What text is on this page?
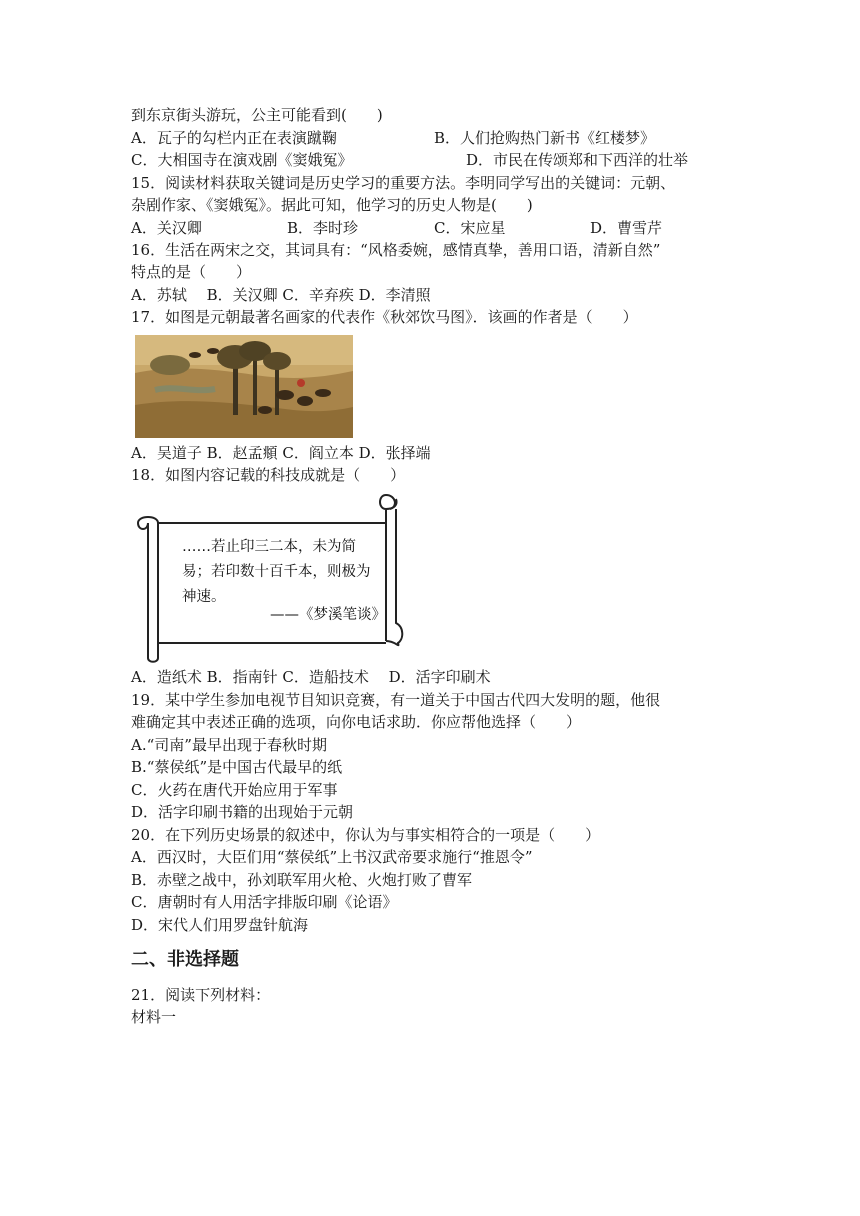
到东京街头游玩，公主可能看到(　　)
A．瓦子的勾栏内正在表演蹴鞠	B．人们抢购热门新书《红楼梦》
C．大相国寺在演戏剧《窦娥冤》	D．市民在传颂郑和下西洋的壮举
15．阅读材料获取关键词是历史学习的重要方法。李明同学写出的关键词：元朝、
杂剧作家、《窦娥冤》。据此可知，他学习的历史人物是(　　)
A．关汉卿	B．李时珍	C．宋应星	D．曹雪芹
16．生活在两宋之交，其词具有：“风格委婉，感情真挚，善用口语，清新自然”
特点的是（　　）
A．苏轼　 B．关汉卿 C．辛弃疾 D．李清照
17．如图是元朝最著名画家的代表作《秋郊饮马图》．该画的作者是（　　）
A．吴道子 B．赵孟頫 C．阎立本 D．张择端
18．如图内容记载的科技成就是（　　）
……若止印三二本，未为简
易；若印数十百千本，则极为
神速。
——《梦溪笔谈》
A．造纸术 B．指南针 C．造船技术　 D．活字印刷术
19．某中学生参加电视节目知识竞赛，有一道关于中国古代四大发明的题，他很
难确定其中表述正确的选项，向你电话求助．你应帮他选择（　　）
A.“司南”最早出现于春秋时期
B.“蔡侯纸”是中国古代最早的纸
C．火药在唐代开始应用于军事
D．活字印刷书籍的出现始于元朝
20．在下列历史场景的叙述中，你认为与事实相符合的一项是（　　）
A．西汉时，大臣们用“蔡侯纸”上书汉武帝要求施行“推恩令”
B．赤壁之战中，孙刘联军用火枪、火炮打败了曹军
C．唐朝时有人用活字排版印刷《论语》
D．宋代人们用罗盘针航海
二、非选择题
21．阅读下列材料：
材料一
